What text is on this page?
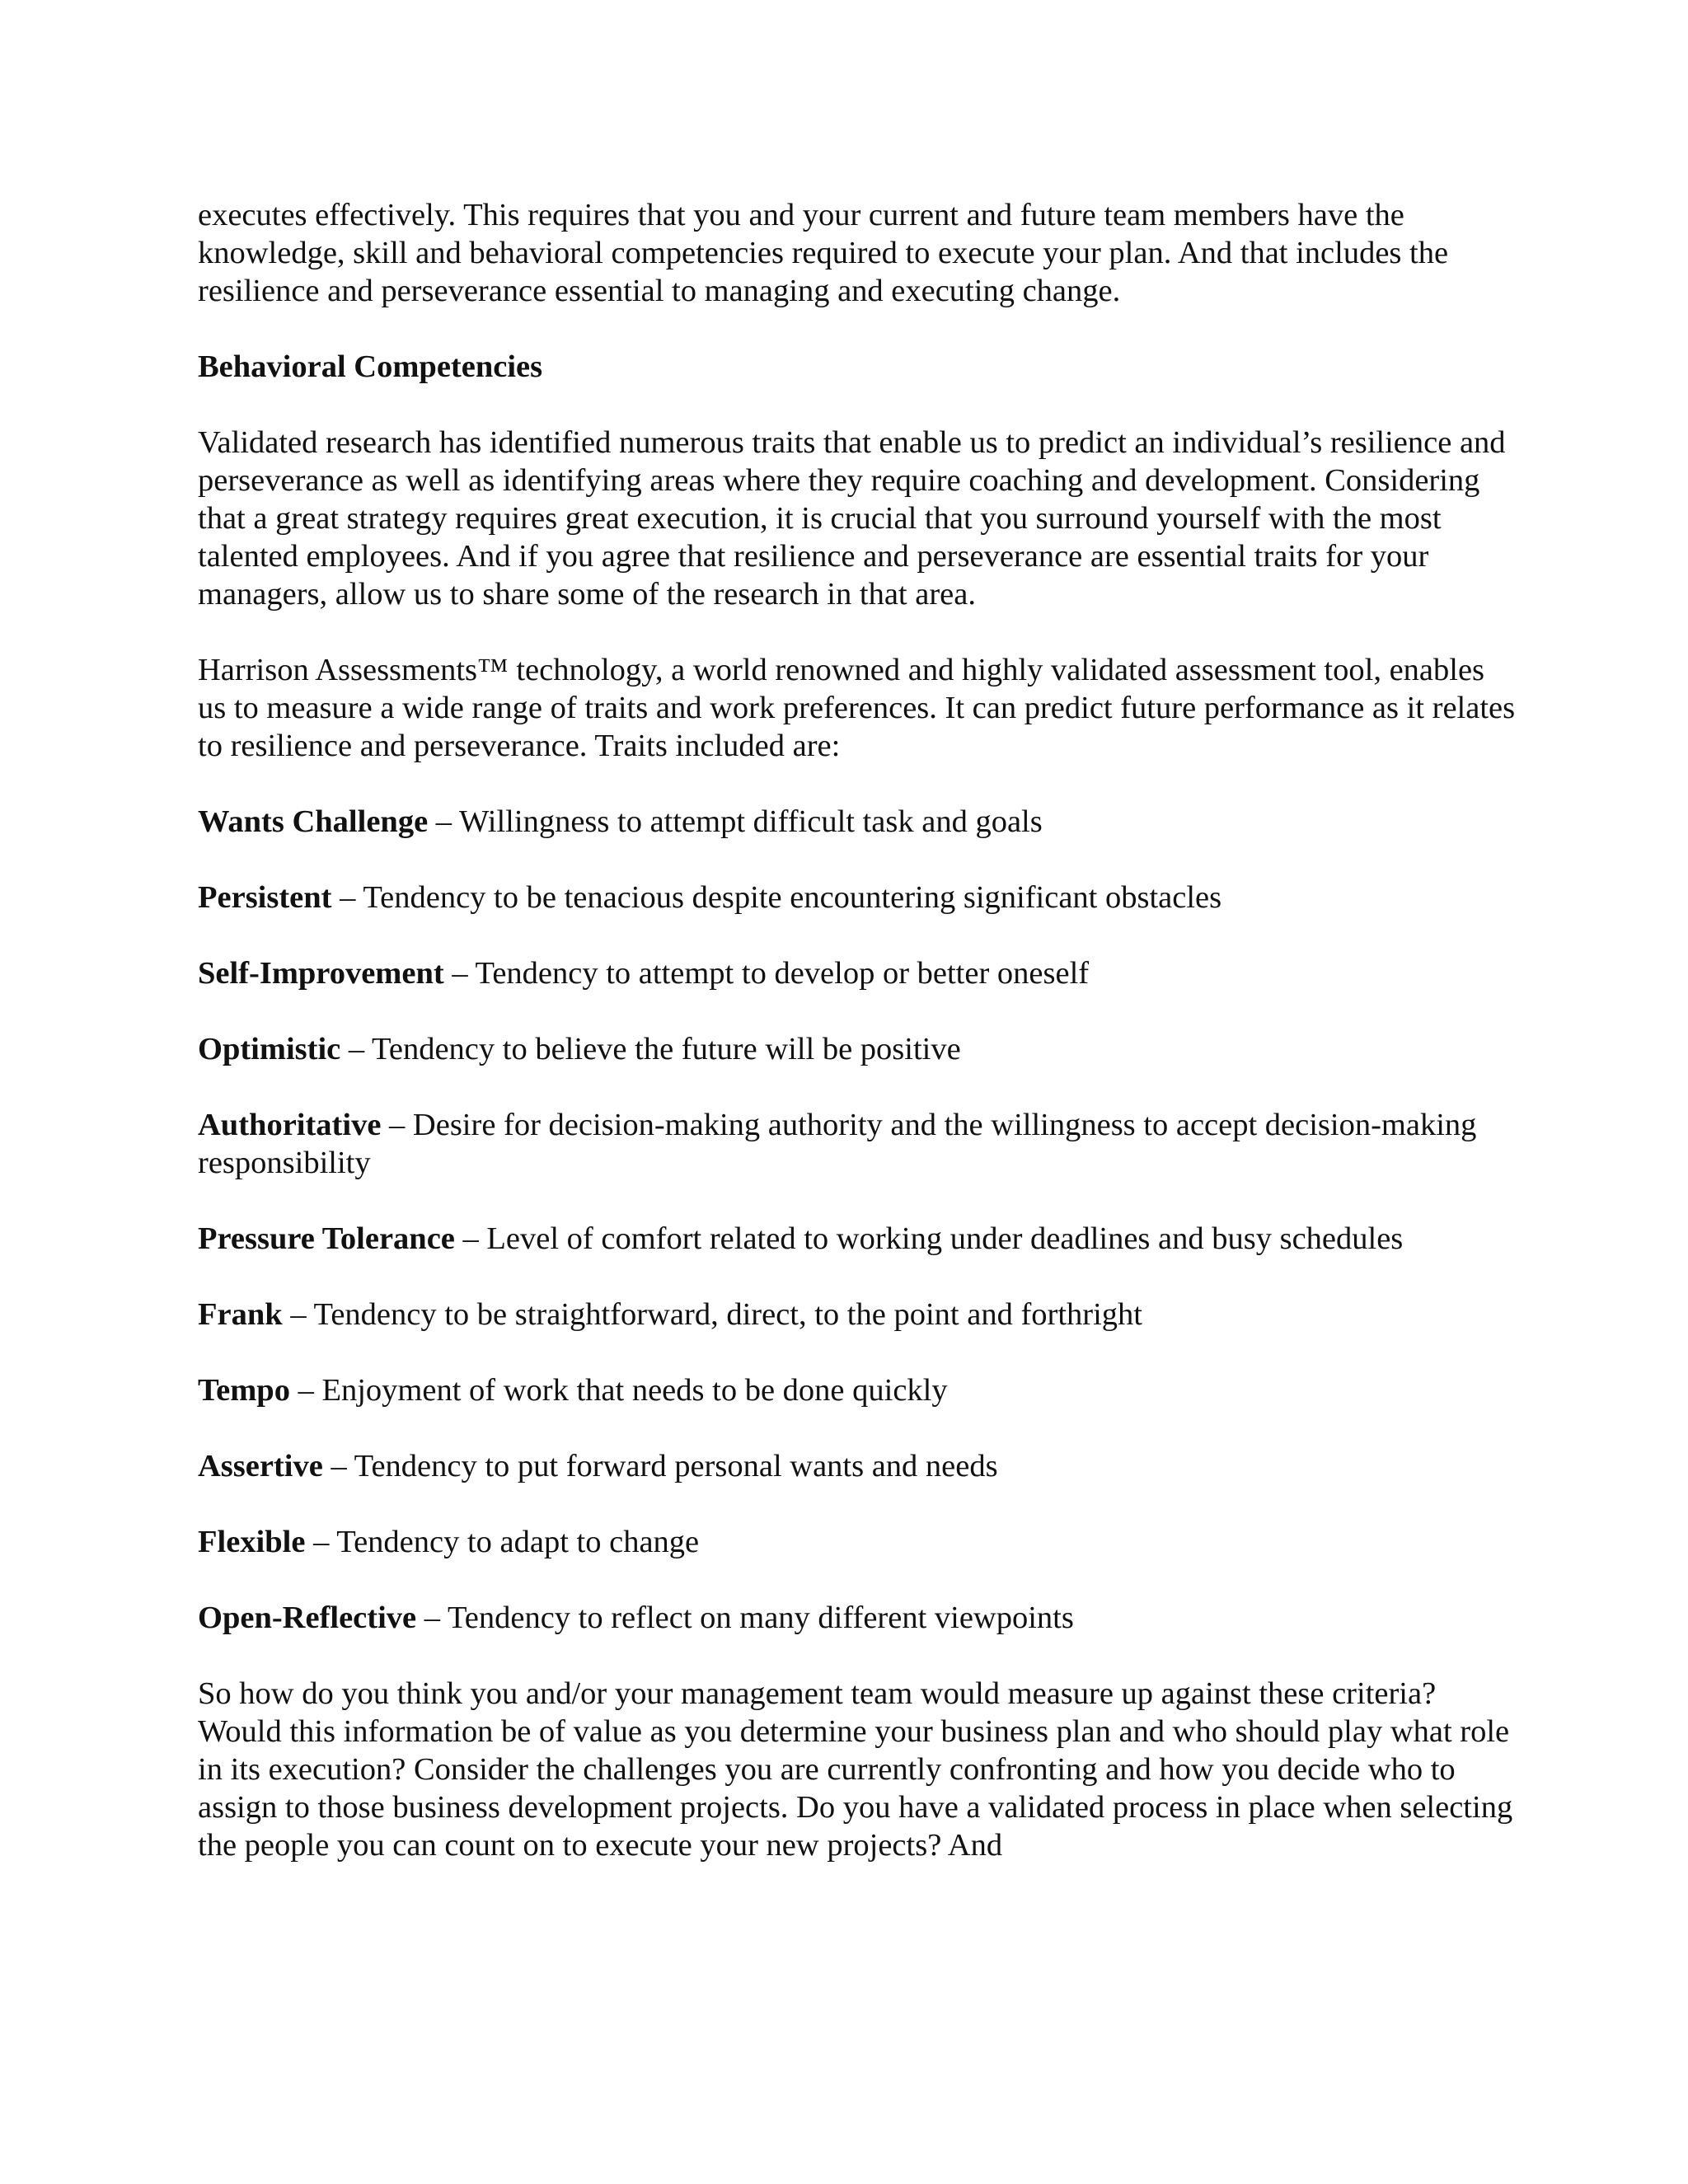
executes effectively. This requires that you and your current and future team members have the knowledge, skill and behavioral competencies required to execute your plan. And that includes the resilience and perseverance essential to managing and executing change.

Behavioral Competencies

Validated research has identified numerous traits that enable us to predict an individual’s resilience and perseverance as well as identifying areas where they require coaching and development. Considering that a great strategy requires great execution, it is crucial that you surround yourself with the most talented employees. And if you agree that resilience and perseverance are essential traits for your managers, allow us to share some of the research in that area.

Harrison Assessments™ technology, a world renowned and highly validated assessment tool, enables us to measure a wide range of traits and work preferences. It can predict future performance as it relates to resilience and perseverance. Traits included are:

Wants Challenge – Willingness to attempt difficult task and goals

Persistent – Tendency to be tenacious despite encountering significant obstacles

Self-Improvement – Tendency to attempt to develop or better oneself

Optimistic – Tendency to believe the future will be positive

Authoritative – Desire for decision-making authority and the willingness to accept decision-making responsibility

Pressure Tolerance – Level of comfort related to working under deadlines and busy schedules

Frank – Tendency to be straightforward, direct, to the point and forthright

Tempo – Enjoyment of work that needs to be done quickly

Assertive – Tendency to put forward personal wants and needs

Flexible – Tendency to adapt to change

Open-Reflective – Tendency to reflect on many different viewpoints

So how do you think you and/or your management team would measure up against these criteria? Would this information be of value as you determine your business plan and who should play what role in its execution? Consider the challenges you are currently confronting and how you decide who to assign to those business development projects. Do you have a validated process in place when selecting the people you can count on to execute your new projects? And
